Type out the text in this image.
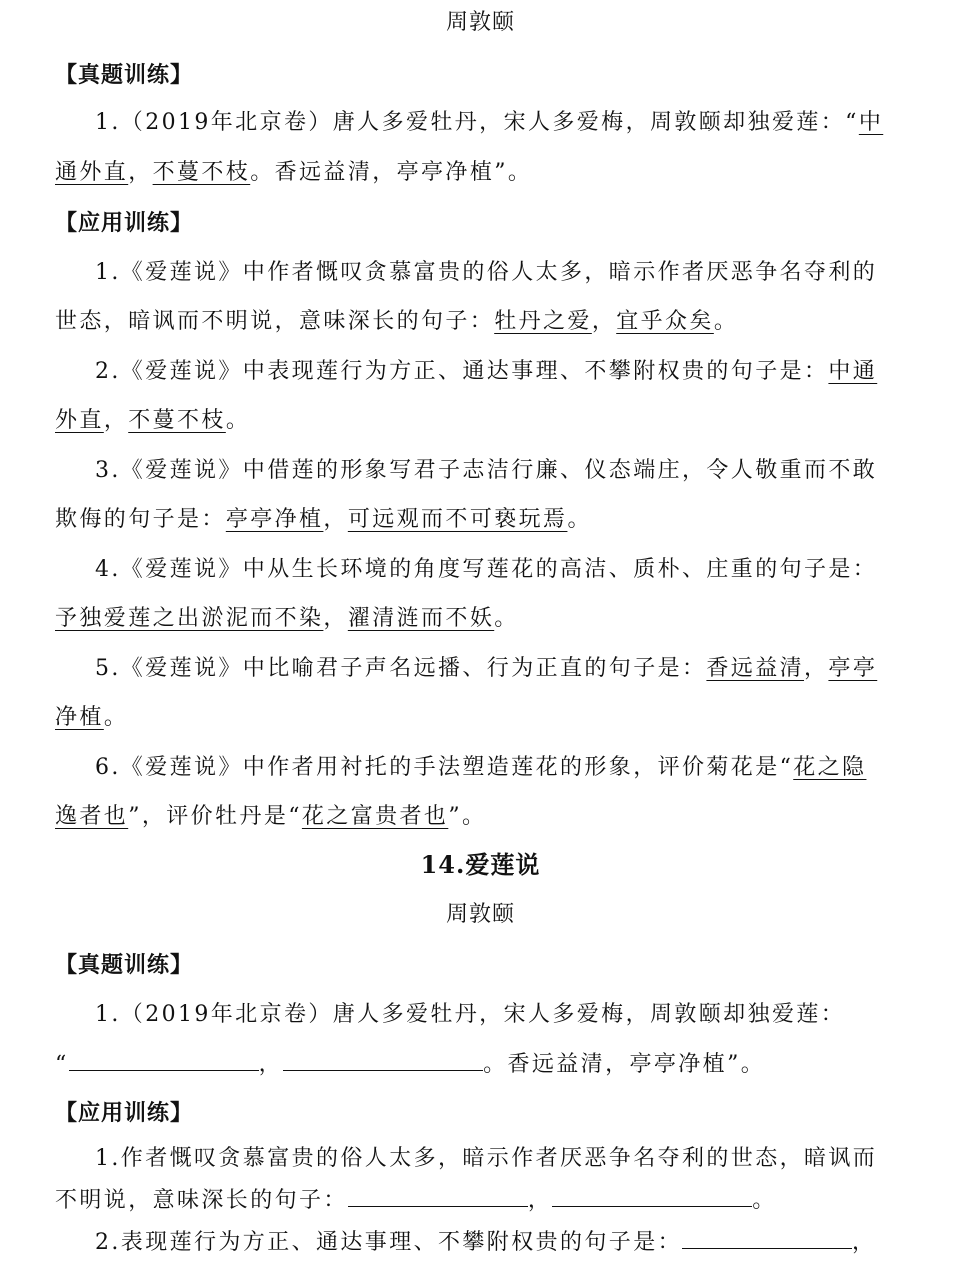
周敦颐
【真题训练】
1.（2019年北京卷）唐人多爱牡丹，宋人多爱梅，周敦颐却独爱莲：“中
通外直，不蔓不枝。香远益清，亭亭净植”。
【应用训练】
1.《爱莲说》中作者慨叹贪慕富贵的俗人太多，暗示作者厌恶争名夺利的
世态，暗讽而不明说，意味深长的句子：牡丹之爱，宜乎众矣。
2.《爱莲说》中表现莲行为方正、通达事理、不攀附权贵的句子是：中通
外直，不蔓不枝。
3.《爱莲说》中借莲的形象写君子志洁行廉、仪态端庄，令人敬重而不敢
欺侮的句子是：亭亭净植，可远观而不可亵玩焉。
4.《爱莲说》中从生长环境的角度写莲花的高洁、质朴、庄重的句子是：
予独爱莲之出淤泥而不染，濯清涟而不妖。
5.《爱莲说》中比喻君子声名远播、行为正直的句子是：香远益清，亭亭
净植。
6.《爱莲说》中作者用衬托的手法塑造莲花的形象，评价菊花是“花之隐
逸者也”，评价牡丹是“花之富贵者也”。
14.爱莲说
周敦颐
【真题训练】
1.（2019年北京卷）唐人多爱牡丹，宋人多爱梅，周敦颐却独爱莲：
“	，	。香远益清，亭亭净植”。
【应用训练】
1.作者慨叹贪慕富贵的俗人太多，暗示作者厌恶争名夺利的世态，暗讽而
不明说，意味深长的句子：	，	。
2.表现莲行为方正、通达事理、不攀附权贵的句子是：	，
